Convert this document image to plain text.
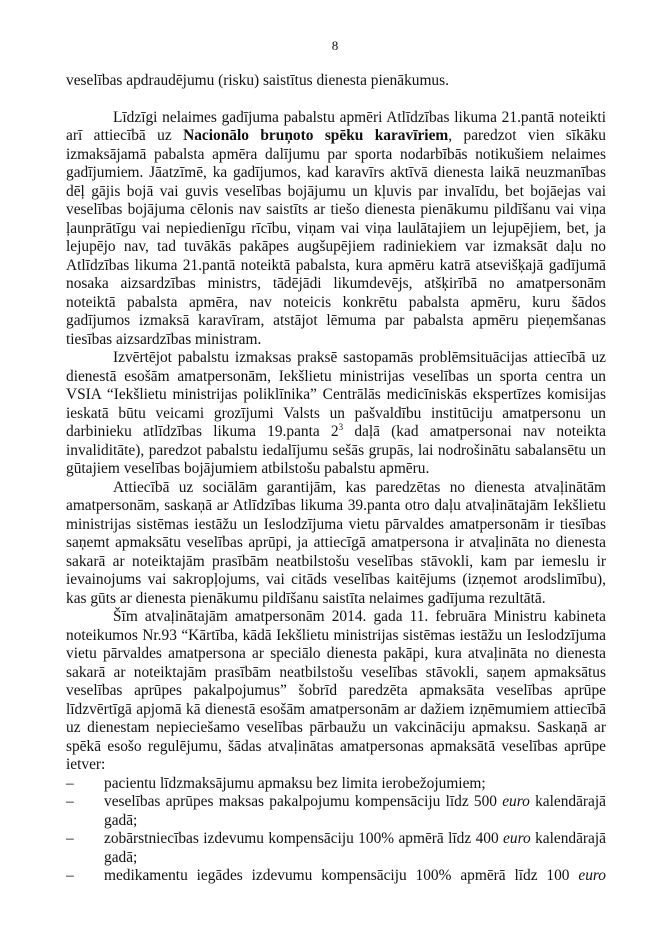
8
veselības apdraudējumu (risku) saistītus dienesta pienākumus.
Līdzīgi nelaimes gadījuma pabalstu apmēri Atlīdzības likuma 21.pantā noteikti
arī attiecībā uz Nacionālo bruņoto spēku karavīriem, paredzot vien sīkāku
izmaksājamā pabalsta apmēra dalījumu par sporta nodarbībās notikušiem nelaimes
gadījumiem. Jāatzīmē, ka gadījumos, kad karavīrs aktīvā dienesta laikā neuzmanības
dēļ gājis bojā vai guvis veselības bojājumu un kļuvis par invalīdu, bet bojāejas vai
veselības bojājuma cēlonis nav saistīts ar tiešo dienesta pienākumu pildīšanu vai viņa
ļaunprātīgu vai nepiedienīgu rīcību, viņam vai viņa laulātajiem un lejupējiem, bet, ja
lejupējo nav, tad tuvākās pakāpes augšupējiem radiniekiem var izmaksāt daļu no
Atlīdzības likuma 21.pantā noteiktā pabalsta, kura apmēru katrā atsevišķajā gadījumā
nosaka aizsardzības ministrs, tādējādi likumdevējs, atšķirībā no amatpersonām
noteiktā pabalsta apmēra, nav noteicis konkrētu pabalsta apmēru, kuru šādos
gadījumos izmaksā karavīram, atstājot lēmuma par pabalsta apmēru pieņemšanas
tiesības aizsardzības ministram.
Izvērtējot pabalstu izmaksas praksē sastopamās problēmsituācijas attiecībā uz
dienestā esošām amatpersonām, Iekšlietu ministrijas veselības un sporta centra un
VSIA “Iekšlietu ministrijas poliklīnika” Centrālās medicīniskās ekspertīzes komisijas
ieskatā būtu veicami grozījumi Valsts un pašvaldību institūciju amatpersonu un
darbinieku atlīdzības likuma 19.panta $2^3$ daļā (kad amatpersonai nav noteikta
invaliditāte), paredzot pabalstu iedalījumu sešās grupās, lai nodrošinātu sabalansētu un
gūtajiem veselības bojājumiem atbilstošu pabalstu apmēru.
Attiecībā uz sociālām garantijām, kas paredzētas no dienesta atvaļinātām
amatpersonām, saskaņā ar Atlīdzības likuma 39.panta otro daļu atvaļinātajām Iekšlietu
ministrijas sistēmas iestāžu un Ieslodzījuma vietu pārvaldes amatpersonām ir tiesības
saņemt apmaksātu veselības aprūpi, ja attiecīgā amatpersona ir atvaļināta no dienesta
sakarā ar noteiktajām prasībām neatbilstošu veselības stāvokli, kam par iemeslu ir
ievainojums vai sakropļojums, vai citāds veselības kaitējums (izņemot arodslimību),
kas gūts ar dienesta pienākumu pildīšanu saistīta nelaimes gadījuma rezultātā.
Šīm atvaļinātajām amatpersonām 2014. gada 11. februāra Ministru kabineta
noteikumos Nr.93 “Kārtība, kādā Iekšlietu ministrijas sistēmas iestāžu un Ieslodzījuma
vietu pārvaldes amatpersona ar speciālo dienesta pakāpi, kura atvaļināta no dienesta
sakarā ar noteiktajām prasībām neatbilstošu veselības stāvokli, saņem apmaksātus
veselības aprūpes pakalpojumus” šobrīd paredzēta apmaksāta veselības aprūpe
līdzvērtīgā apjomā kā dienestā esošām amatpersonām ar dažiem izņēmumiem attiecībā
uz dienestam nepieciešamo veselības pārbaužu un vakcināciju apmaksu. Saskaņā ar
spēkā esošo regulējumu, šādas atvaļinātas amatpersonas apmaksātā veselības aprūpe
ietver:
– pacientu līdzmaksājumu apmaksu bez limita ierobežojumiem;
– veselības aprūpes maksas pakalpojumu kompensāciju līdz 500 euro kalendārajā
gadā;
– zobārstniecības izdevumu kompensāciju 100% apmērā līdz 400 euro kalendārajā
gadā;
– medikamentu iegādes izdevumu kompensāciju 100% apmērā līdz 100 euro
